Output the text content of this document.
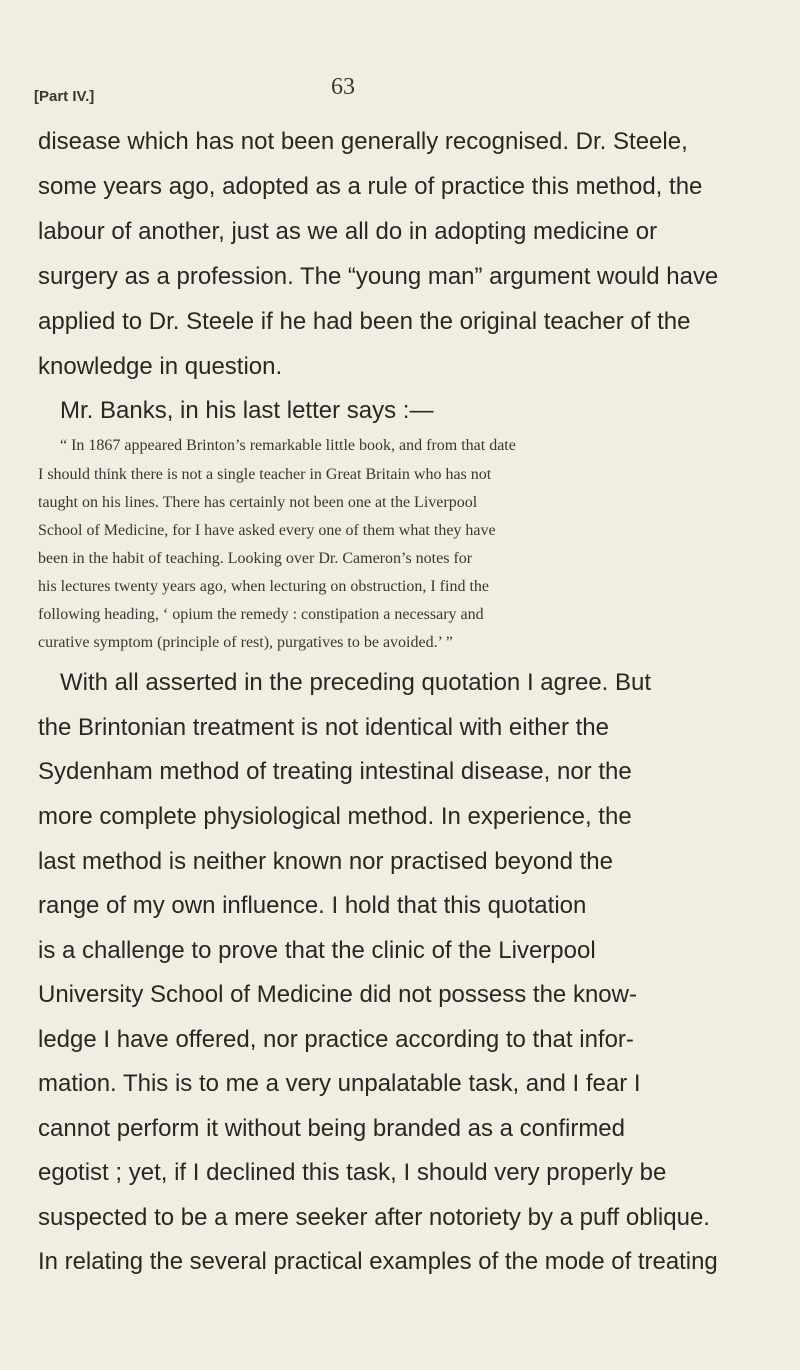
[Part IV.]	63
disease which has not been generally recognised. Dr. Steele,
some years ago, adopted as a rule of practice this method, the
labour of another, just as we all do in adopting medicine or
surgery as a profession. The “young man” argument would have
applied to Dr. Steele if he had been the original teacher of the
knowledge in question.
Mr. Banks, in his last letter says :—
“ In 1867 appeared Brinton’s remarkable little book, and from that date
I should think there is not a single teacher in Great Britain who has not
taught on his lines. There has certainly not been one at the Liverpool
School of Medicine, for I have asked every one of them what they have
been in the habit of teaching. Looking over Dr. Cameron’s notes for
his lectures twenty years ago, when lecturing on obstruction, I find the
following heading, ‘ opium the remedy : constipation a necessary and
curative symptom (principle of rest), purgatives to be avoided.’ ”
With all asserted in the preceding quotation I agree. But
the Brintonian treatment is not identical with either the
Sydenham method of treating intestinal disease, nor the
more complete physiological method. In experience, the
last method is neither known nor practised beyond the
range of my own influence. I hold that this quotation
is a challenge to prove that the clinic of the Liverpool
University School of Medicine did not possess the know-
ledge I have offered, nor practice according to that infor-
mation. This is to me a very unpalatable task, and I fear I
cannot perform it without being branded as a confirmed
egotist ; yet, if I declined this task, I should very properly be
suspected to be a mere seeker after notoriety by a puff oblique.
In relating the several practical examples of the mode of treating
